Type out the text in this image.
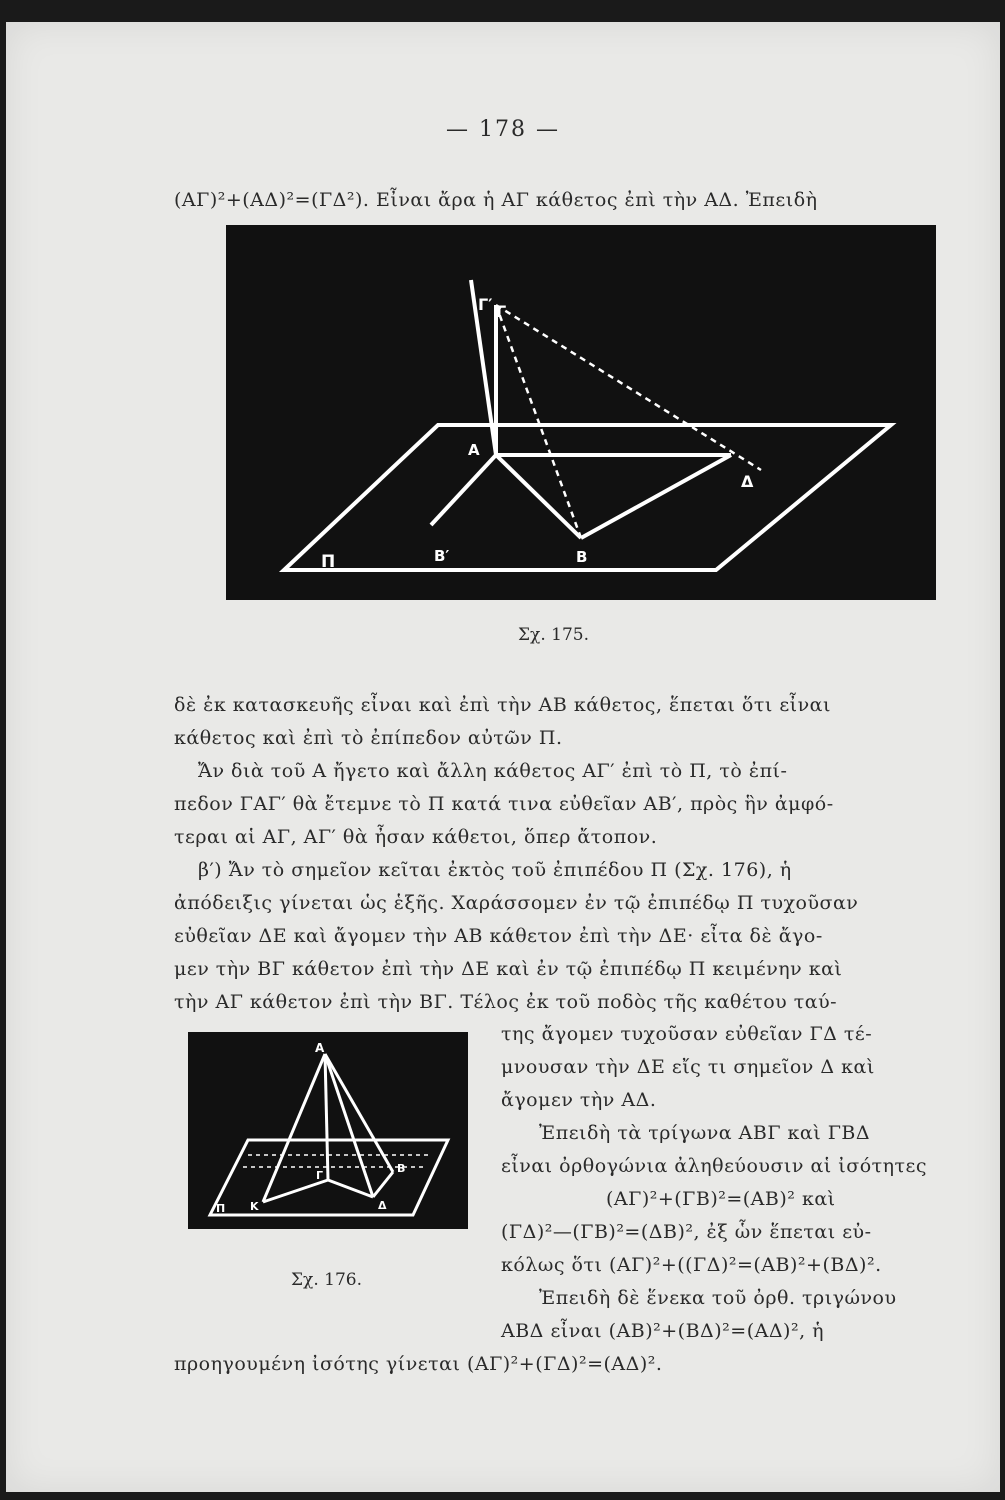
— 178 —
(ΑΓ)²+(ΑΔ)²=(ΓΔ²). Εἶναι ἄρα ἡ ΑΓ κάθετος ἐπὶ τὴν ΑΔ. Ἐπειδὴ
Π
Α
Β
Β′
Γ
Γ′
Δ
Σχ. 175.
δὲ ἐκ κατασκευῆς εἶναι καὶ ἐπὶ τὴν ΑΒ κάθετος, ἕπεται ὅτι εἶναι
κάθετος καὶ ἐπὶ τὸ ἐπίπεδον αὐτῶν Π.
Ἄν διὰ τοῦ Α ἤγετο καὶ ἄλλη κάθετος ΑΓ′ ἐπὶ τὸ Π, τὸ ἐπί-
πεδον ΓΑΓ′ θὰ ἔτεμνε τὸ Π κατά τινα εὐθεῖαν ΑΒ′, πρὸς ἣν ἀμφό-
τεραι αἱ ΑΓ, ΑΓ′ θὰ ἦσαν κάθετοι, ὅπερ ἄτοπον.
β′) Ἄν τὸ σημεῖον κεῖται ἐκτὸς τοῦ ἐπιπέδου Π (Σχ. 176), ἡ
ἀπόδειξις γίνεται ὡς ἑξῆς. Χαράσσομεν ἐν τῷ ἐπιπέδῳ Π τυχοῦσαν
εὐθεῖαν ΔΕ καὶ ἄγομεν τὴν ΑΒ κάθετον ἐπὶ τὴν ΔΕ· εἶτα δὲ ἄγο-
μεν τὴν ΒΓ κάθετον ἐπὶ τὴν ΔΕ καὶ ἐν τῷ ἐπιπέδῳ Π κειμένην καὶ
τὴν ΑΓ κάθετον ἐπὶ τὴν ΒΓ. Τέλος ἐκ τοῦ ποδὸς τῆς καθέτου ταύ-
Α
Γ
Β
Δ
Κ
Π
Σχ. 176.
της ἄγομεν τυχοῦσαν εὐθεῖαν ΓΔ τέ-
μνουσαν τὴν ΔΕ εἴς τι σημεῖον Δ καὶ
ἄγομεν τὴν ΑΔ.
Ἐπειδὴ τὰ τρίγωνα ΑΒΓ καὶ ΓΒΔ
εἶναι ὀρθογώνια ἀληθεύουσιν αἱ ἰσότητες
(ΑΓ)²+(ΓΒ)²=(ΑΒ)² καὶ
(ΓΔ)²—(ΓΒ)²=(ΔΒ)², ἐξ ὧν ἕπεται εὐ-
κόλως ὅτι (ΑΓ)²+((ΓΔ)²=(ΑΒ)²+(ΒΔ)².
Ἐπειδὴ δὲ ἕνεκα τοῦ ὀρθ. τριγώνου
ΑΒΔ εἶναι (ΑΒ)²+(ΒΔ)²=(ΑΔ)², ἡ
προηγουμένη ἰσότης γίνεται (ΑΓ)²+(ΓΔ)²=(ΑΔ)².
